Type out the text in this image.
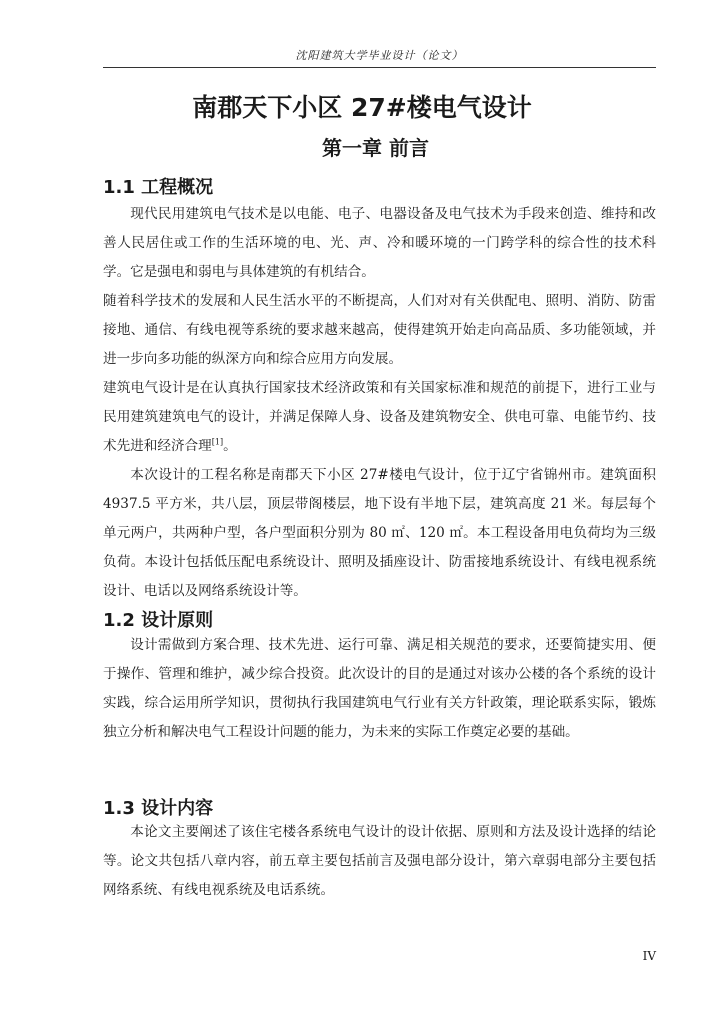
沈阳建筑大学毕业设计（论文）
南郡天下小区 27#楼电气设计
第一章 前言
1.1 工程概况

现代民用建筑电气技术是以电能、电子、电器设备及电气技术为手段来创造、维持和改善人民居住或工作的生活环境的电、光、声、冷和暖环境的一门跨学科的综合性的技术科学。它是强电和弱电与具体建筑的有机结合。

随着科学技术的发展和人民生活水平的不断提高，人们对对有关供配电、照明、消防、防雷接地、通信、有线电视等系统的要求越来越高，使得建筑开始走向高品质、多功能领域，并进一步向多功能的纵深方向和综合应用方向发展。

建筑电气设计是在认真执行国家技术经济政策和有关国家标准和规范的前提下，进行工业与民用建筑建筑电气的设计，并满足保障人身、设备及建筑物安全、供电可靠、电能节约、技术先进和经济合理[1]。

本次设计的工程名称是南郡天下小区 27#楼电气设计，位于辽宁省锦州市。建筑面积 4937.5 平方米，共八层，顶层带阁楼层，地下设有半地下层，建筑高度 21 米。每层每个单元两户，共两种户型，各户型面积分别为 80 ㎡、120 ㎡。本工程设备用电负荷均为三级负荷。本设计包括低压配电系统设计、照明及插座设计、防雷接地系统设计、有线电视系统设计、电话以及网络系统设计等。

1.2 设计原则

设计需做到方案合理、技术先进、运行可靠、满足相关规范的要求，还要简捷实用、便于操作、管理和维护，减少综合投资。此次设计的目的是通过对该办公楼的各个系统的设计实践，综合运用所学知识，贯彻执行我国建筑电气行业有关方针政策，理论联系实际，锻炼独立分析和解决电气工程设计问题的能力，为未来的实际工作奠定必要的基础。

1.3 设计内容

本论文主要阐述了该住宅楼各系统电气设计的设计依据、原则和方法及设计选择的结论等。论文共包括八章内容，前五章主要包括前言及强电部分设计，第六章弱电部分主要包括网络系统、有线电视系统及电话系统。

IV
